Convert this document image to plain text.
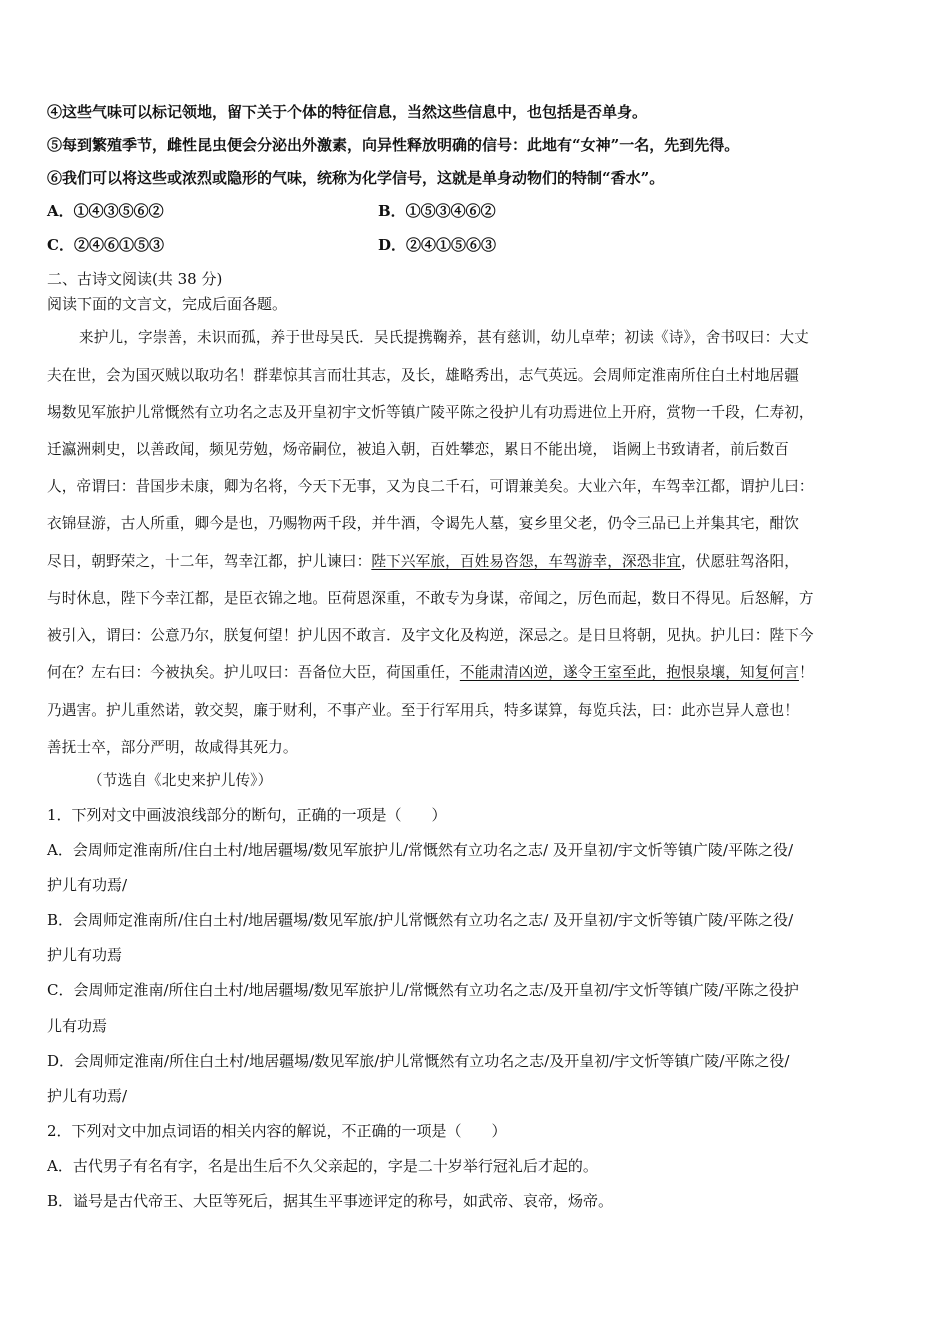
④这些气味可以标记领地，留下关于个体的特征信息，当然这些信息中，也包括是否单身。
⑤每到繁殖季节，雌性昆虫便会分泌出外激素，向异性释放明确的信号：此地有“女神”一名，先到先得。
⑥我们可以将这些或浓烈或隐形的气味，统称为化学信号，这就是单身动物们的特制“香水”。
A．①④③⑤⑥②	B．①⑤③④⑥②
C．②④⑥①⑤③	D．②④①⑤⑥③
二、古诗文阅读(共 38 分)
阅读下面的文言文，完成后面各题。
来护儿，字崇善，未识而孤，养于世母吴氏．吴氏提携鞠养，甚有慈训，幼儿卓荦；初读《诗》，舍书叹曰：大丈
夫在世，会为国灭贼以取功名！群辈惊其言而壮其志，及长，雄略秀出，志气英远。会周师定淮南所住白土村地居疆
埸数见军旅护儿常慨然有立功名之志及开皇初宇文忻等镇广陵平陈之役护儿有功焉进位上开府，赏物一千段，仁寿初，
迁瀛洲刺史，以善政闻，频见劳勉，炀帝嗣位，被追入朝，百姓攀恋，累日不能出境， 诣阙上书致请者，前后数百
人，帝谓曰：昔国步未康，卿为名将，今天下无事，又为良二千石，可谓兼美矣。大业六年，车驾幸江都，谓护儿曰：
衣锦昼游，古人所重，卿今是也，乃赐物两千段，并牛酒，令谒先人墓，宴乡里父老，仍令三品已上并集其宅，酣饮
尽日，朝野荣之，十二年，驾幸江都，护儿谏曰：陛下兴军旅，百姓易咨怨，车驾游幸，深恐非宜，伏愿驻驾洛阳，
与时休息，陛下今幸江都，是臣衣锦之地。臣荷恩深重，不敢专为身谋，帝闻之，厉色而起，数日不得见。后怒解，方
被引入，谓曰：公意乃尔，朕复何望！护儿因不敢言．及宇文化及构逆，深忌之。是日旦将朝，见执。护儿曰：陛下今
何在？左右曰：今被执矣。护儿叹曰：吾备位大臣，荷国重任，不能肃清凶逆，遂令王室至此，抱恨泉壤，知复何言！
乃遇害。护儿重然诺，敦交契，廉于财利，不事产业。至于行军用兵，特多谋算，每览兵法，曰：此亦岂异人意也！
善抚士卒，部分严明，故咸得其死力。
（节选自《北史来护儿传》）
1．下列对文中画波浪线部分的断句，正确的一项是（　　）
A．会周师定淮南所/住白土村/地居疆埸/数见军旅护儿/常慨然有立功名之志/ 及开皇初/宇文忻等镇广陵/平陈之役/
护儿有功焉/
B．会周师定淮南所/住白土村/地居疆埸/数见军旅/护儿常慨然有立功名之志/ 及开皇初/宇文忻等镇广陵/平陈之役/
护儿有功焉
C．会周师定淮南/所住白土村/地居疆埸/数见军旅护儿/常慨然有立功名之志/及开皇初/宇文忻等镇广陵/平陈之役护
儿有功焉
D．会周师定淮南/所住白土村/地居疆埸/数见军旅/护儿常慨然有立功名之志/及开皇初/宇文忻等镇广陵/平陈之役/
护儿有功焉/
2．下列对文中加点词语的相关内容的解说，不正确的一项是（　　）
A．古代男子有名有字，名是出生后不久父亲起的，字是二十岁举行冠礼后才起的。
B．谥号是古代帝王、大臣等死后，据其生平事迹评定的称号，如武帝、哀帝，炀帝。
